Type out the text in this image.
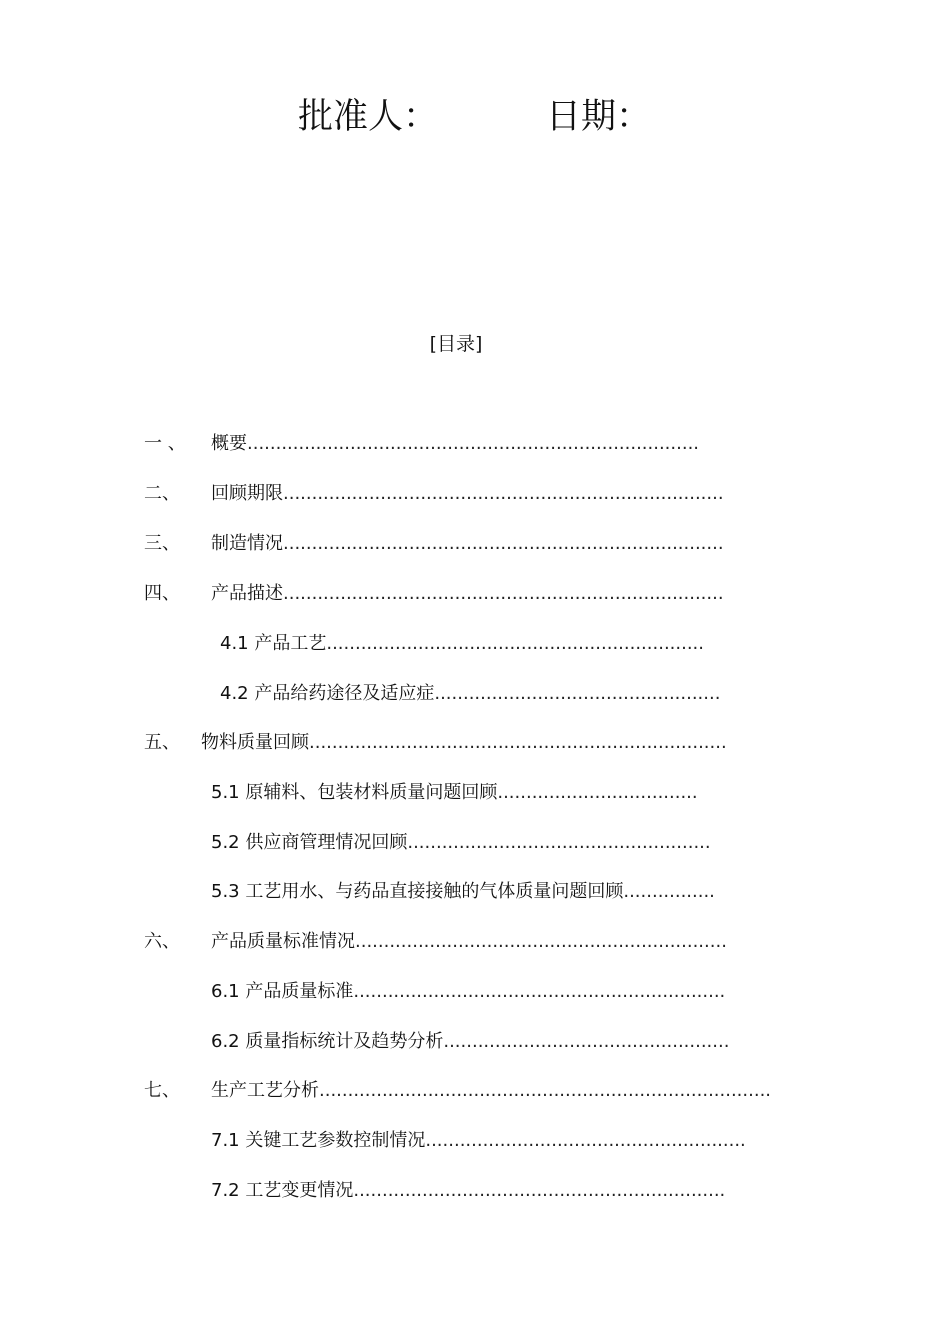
批准人：	日期：
[目录]
一 、 概要...............................................................................
二、 回顾期限.............................................................................
三、 制造情况.............................................................................
四、 产品描述.............................................................................
4.1 产品工艺..................................................................
4.2 产品给药途径及适应症..................................................
五、 物料质量回顾.........................................................................
5.1 原辅料、包装材料质量问题回顾...................................
5.2 供应商管理情况回顾.....................................................
5.3 工艺用水、与药品直接接触的气体质量问题回顾................
六、 产品质量标准情况.................................................................
6.1 产品质量标准.................................................................
6.2 质量指标统计及趋势分析..................................................
七、 生产工艺分析...............................................................................
7.1 关键工艺参数控制情况........................................................
7.2 工艺变更情况.................................................................
